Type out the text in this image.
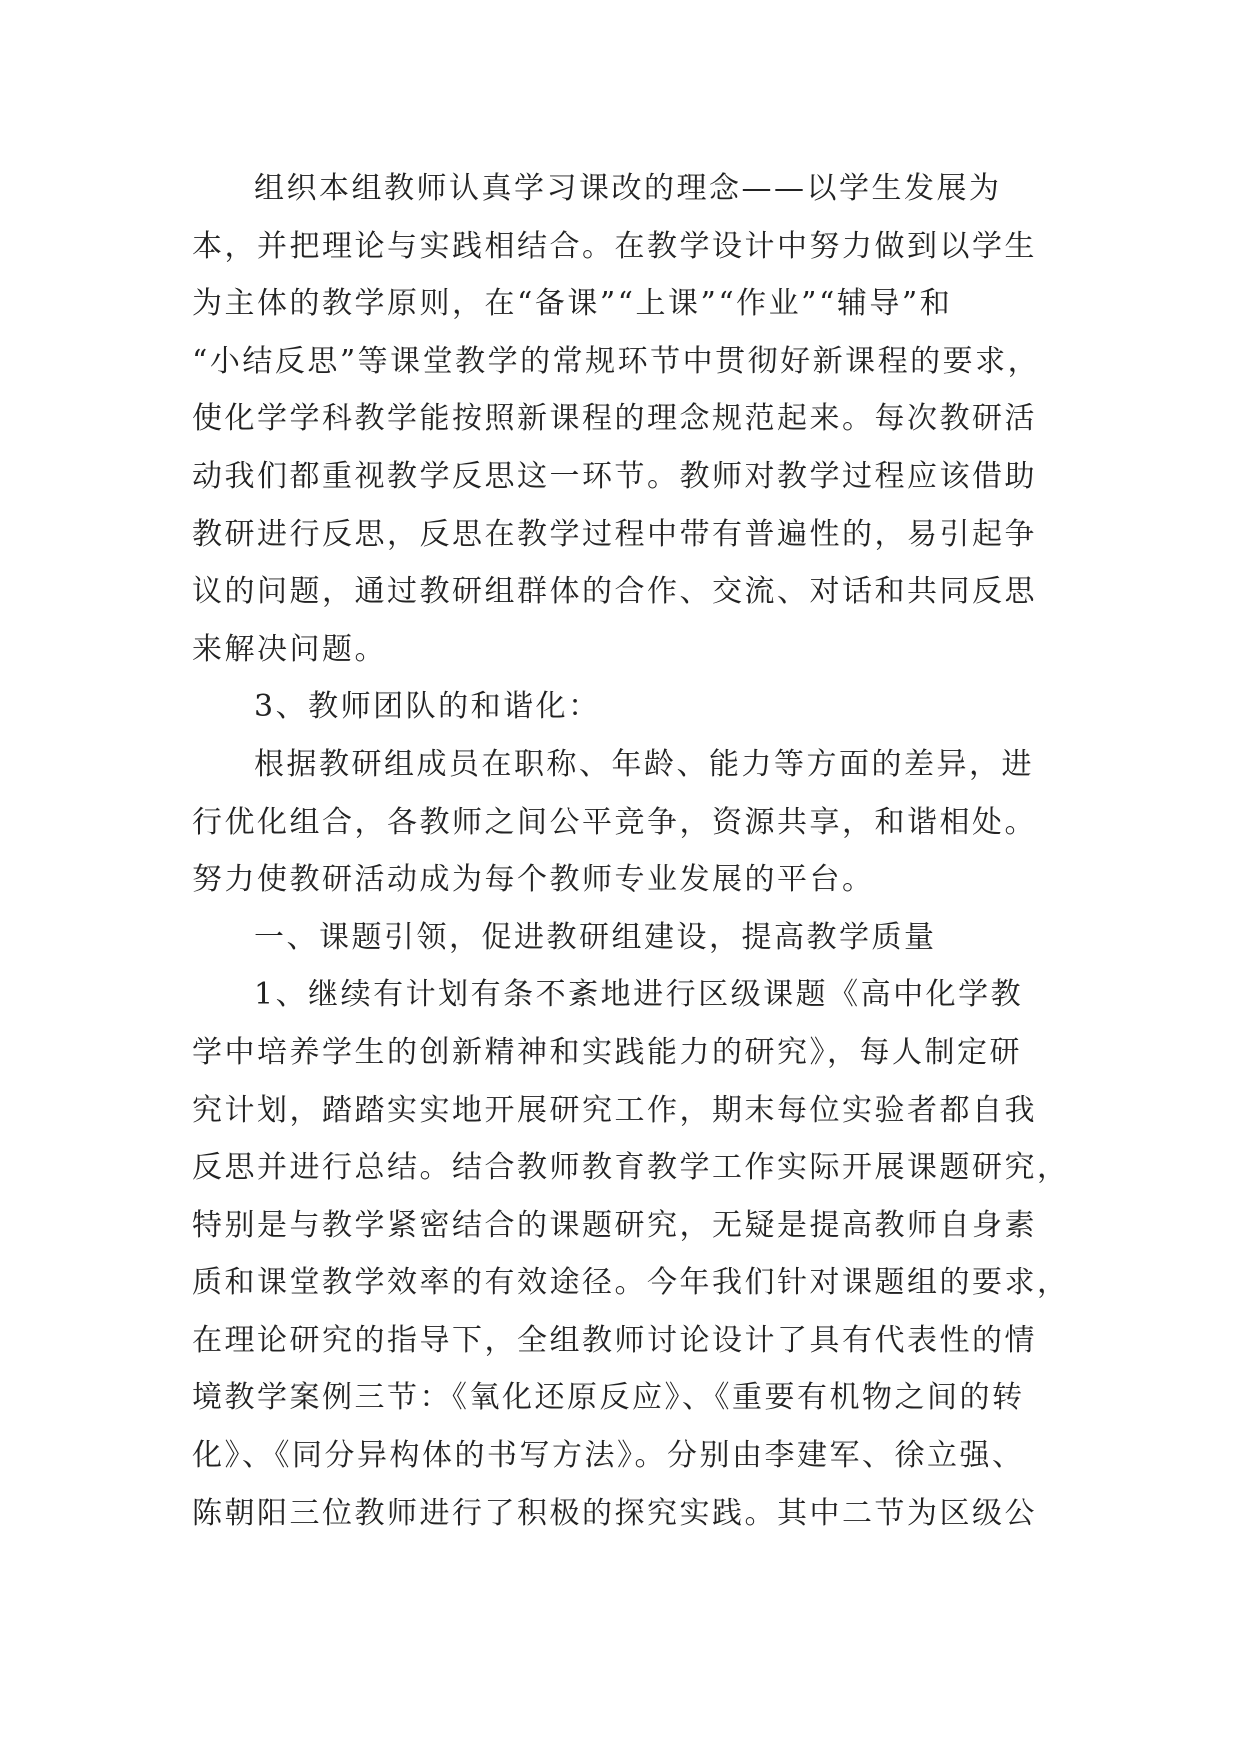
组织本组教师认真学习课改的理念——以学生发展为
本，并把理论与实践相结合。在教学设计中努力做到以学生
为主体的教学原则，在“备课”“上课”“作业”“辅导”和
“小结反思”等课堂教学的常规环节中贯彻好新课程的要求，
使化学学科教学能按照新课程的理念规范起来。每次教研活
动我们都重视教学反思这一环节。教师对教学过程应该借助
教研进行反思，反思在教学过程中带有普遍性的，易引起争
议的问题，通过教研组群体的合作、交流、对话和共同反思
来解决问题。
3、教师团队的和谐化：
根据教研组成员在职称、年龄、能力等方面的差异，进
行优化组合，各教师之间公平竞争，资源共享，和谐相处。
努力使教研活动成为每个教师专业发展的平台。
一、课题引领，促进教研组建设，提高教学质量
1、继续有计划有条不紊地进行区级课题《高中化学教
学中培养学生的创新精神和实践能力的研究》，每人制定研
究计划，踏踏实实地开展研究工作，期末每位实验者都自我
反思并进行总结。结合教师教育教学工作实际开展课题研究，
特别是与教学紧密结合的课题研究，无疑是提高教师自身素
质和课堂教学效率的有效途径。今年我们针对课题组的要求，
在理论研究的指导下，全组教师讨论设计了具有代表性的情
境教学案例三节：《氧化还原反应》、《重要有机物之间的转
化》、《同分异构体的书写方法》。分别由李建军、徐立强、
陈朝阳三位教师进行了积极的探究实践。其中二节为区级公
